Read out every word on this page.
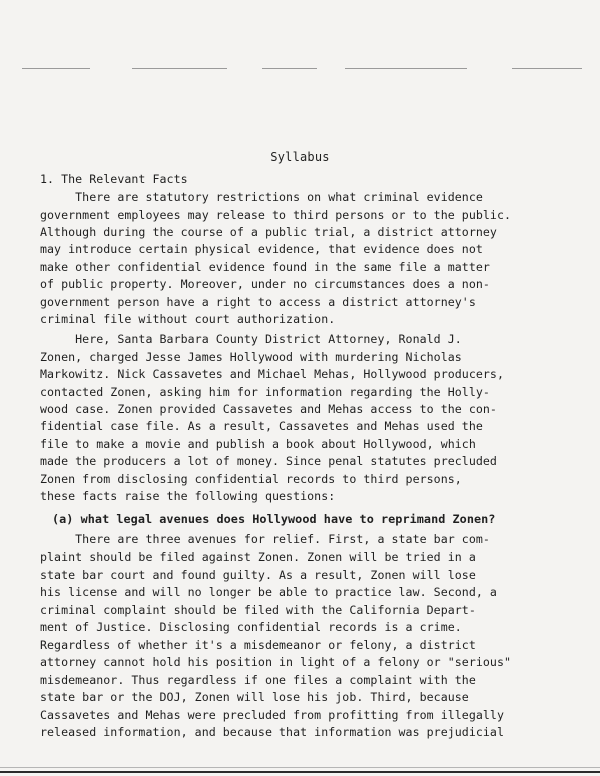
Syllabus
1. The Relevant Facts
There are statutory restrictions on what criminal evidence
government employees may release to third persons or to the public.
Although during the course of a public trial, a district attorney
may introduce certain physical evidence, that evidence does not
make other confidential evidence found in the same file a matter
of public property. Moreover, under no circumstances does a non-
government person have a right to access a district attorney's
criminal file without court authorization.
Here, Santa Barbara County District Attorney, Ronald J.
Zonen, charged Jesse James Hollywood with murdering Nicholas
Markowitz. Nick Cassavetes and Michael Mehas, Hollywood producers,
contacted Zonen, asking him for information regarding the Holly-
wood case. Zonen provided Cassavetes and Mehas access to the con-
fidential case file. As a result, Cassavetes and Mehas used the
file to make a movie and publish a book about Hollywood, which
made the producers a lot of money. Since penal statutes precluded
Zonen from disclosing confidential records to third persons,
these facts raise the following questions:
(a) what legal avenues does Hollywood have to reprimand Zonen?
There are three avenues for relief. First, a state bar com-
plaint should be filed against Zonen. Zonen will be tried in a
state bar court and found guilty. As a result, Zonen will lose
his license and will no longer be able to practice law. Second, a
criminal complaint should be filed with the California Depart-
ment of Justice. Disclosing confidential records is a crime.
Regardless of whether it's a misdemeanor or felony, a district
attorney cannot hold his position in light of a felony or "serious"
misdemeanor. Thus regardless if one files a complaint with the
state bar or the DOJ, Zonen will lose his job. Third, because
Cassavetes and Mehas were precluded from profitting from illegally
released information, and because that information was prejudicial
